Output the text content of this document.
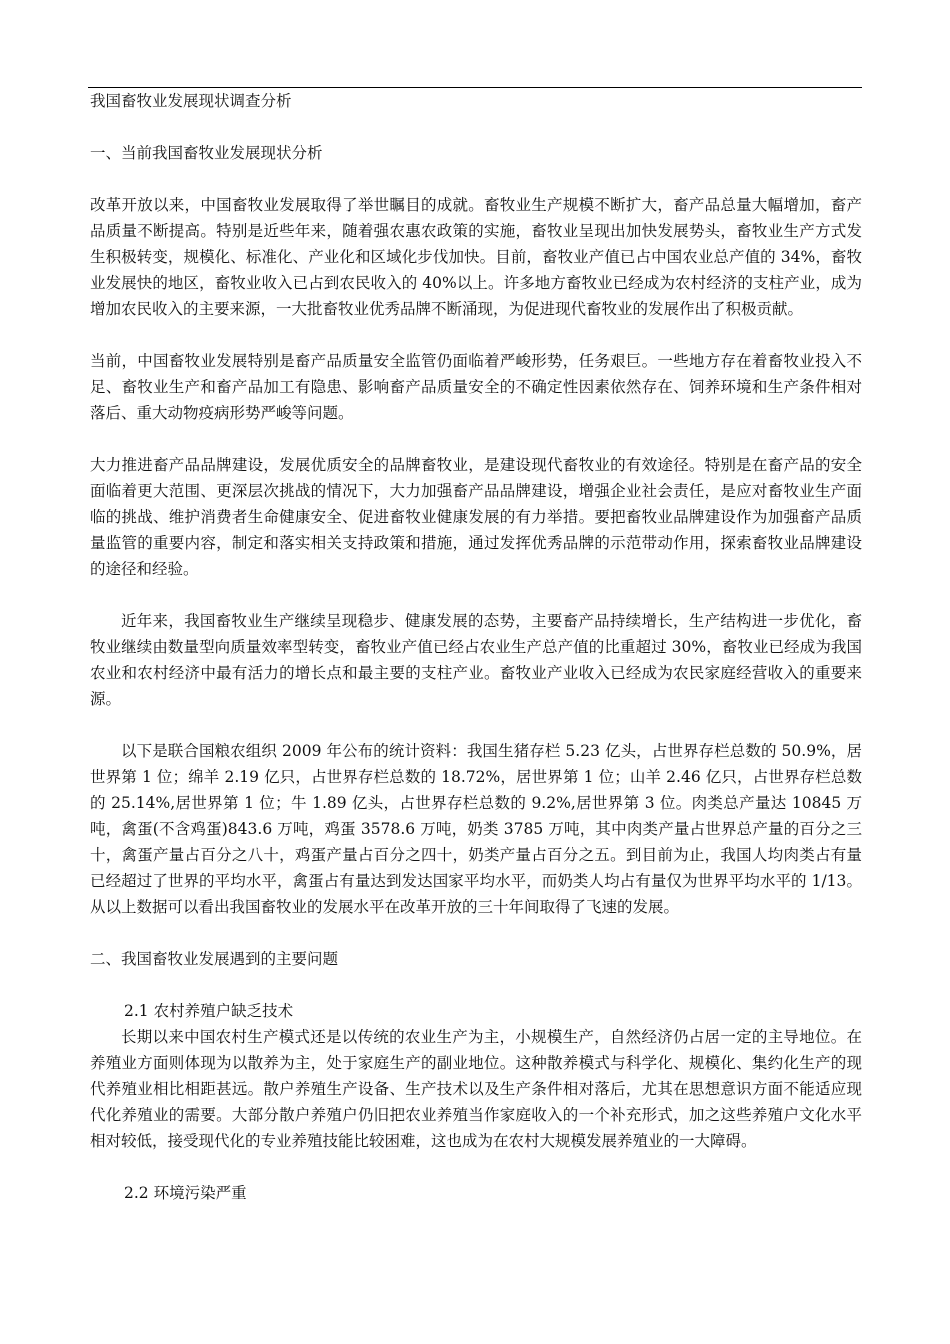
我国畜牧业发展现状调查分析

一、当前我国畜牧业发展现状分析

改革开放以来，中国畜牧业发展取得了举世瞩目的成就。畜牧业生产规模不断扩大，畜产品总量大幅增加，畜产品质量不断提高。特别是近些年来，随着强农惠农政策的实施，畜牧业呈现出加快发展势头，畜牧业生产方式发生积极转变，规模化、标准化、产业化和区域化步伐加快。目前，畜牧业产值已占中国农业总产值的 34%，畜牧业发展快的地区，畜牧业收入已占到农民收入的 40%以上。许多地方畜牧业已经成为农村经济的支柱产业，成为增加农民收入的主要来源，一大批畜牧业优秀品牌不断涌现，为促进现代畜牧业的发展作出了积极贡献。

当前，中国畜牧业发展特别是畜产品质量安全监管仍面临着严峻形势，任务艰巨。一些地方存在着畜牧业投入不足、畜牧业生产和畜产品加工有隐患、影响畜产品质量安全的不确定性因素依然存在、饲养环境和生产条件相对落后、重大动物疫病形势严峻等问题。

大力推进畜产品品牌建设，发展优质安全的品牌畜牧业，是建设现代畜牧业的有效途径。特别是在畜产品的安全面临着更大范围、更深层次挑战的情况下，大力加强畜产品品牌建设，增强企业社会责任，是应对畜牧业生产面临的挑战、维护消费者生命健康安全、促进畜牧业健康发展的有力举措。要把畜牧业品牌建设作为加强畜产品质量监管的重要内容，制定和落实相关支持政策和措施，通过发挥优秀品牌的示范带动作用，探索畜牧业品牌建设的途径和经验。

近年来，我国畜牧业生产继续呈现稳步、健康发展的态势，主要畜产品持续增长，生产结构进一步优化，畜牧业继续由数量型向质量效率型转变，畜牧业产值已经占农业生产总产值的比重超过 30%，畜牧业已经成为我国农业和农村经济中最有活力的增长点和最主要的支柱产业。畜牧业产业收入已经成为农民家庭经营收入的重要来源。

以下是联合国粮农组织 2009 年公布的统计资料：我国生猪存栏 5.23 亿头，占世界存栏总数的 50.9%，居世界第 1 位；绵羊 2.19 亿只，占世界存栏总数的 18.72%，居世界第 1 位；山羊 2.46 亿只，占世界存栏总数的 25.14%,居世界第 1 位；牛 1.89 亿头，占世界存栏总数的 9.2%,居世界第 3 位。肉类总产量达 10845 万吨，禽蛋(不含鸡蛋)843.6 万吨，鸡蛋 3578.6 万吨，奶类 3785 万吨，其中肉类产量占世界总产量的百分之三十，禽蛋产量占百分之八十，鸡蛋产量占百分之四十，奶类产量占百分之五。到目前为止，我国人均肉类占有量已经超过了世界的平均水平，禽蛋占有量达到发达国家平均水平，而奶类人均占有量仅为世界平均水平的 1/13。从以上数据可以看出我国畜牧业的发展水平在改革开放的三十年间取得了飞速的发展。

二、我国畜牧业发展遇到的主要问题

2.1 农村养殖户缺乏技术

长期以来中国农村生产模式还是以传统的农业生产为主，小规模生产，自然经济仍占居一定的主导地位。在养殖业方面则体现为以散养为主，处于家庭生产的副业地位。这种散养模式与科学化、规模化、集约化生产的现代养殖业相比相距甚远。散户养殖生产设备、生产技术以及生产条件相对落后，尤其在思想意识方面不能适应现代化养殖业的需要。大部分散户养殖户仍旧把农业养殖当作家庭收入的一个补充形式，加之这些养殖户文化水平相对较低，接受现代化的专业养殖技能比较困难，这也成为在农村大规模发展养殖业的一大障碍。

2.2 环境污染严重
